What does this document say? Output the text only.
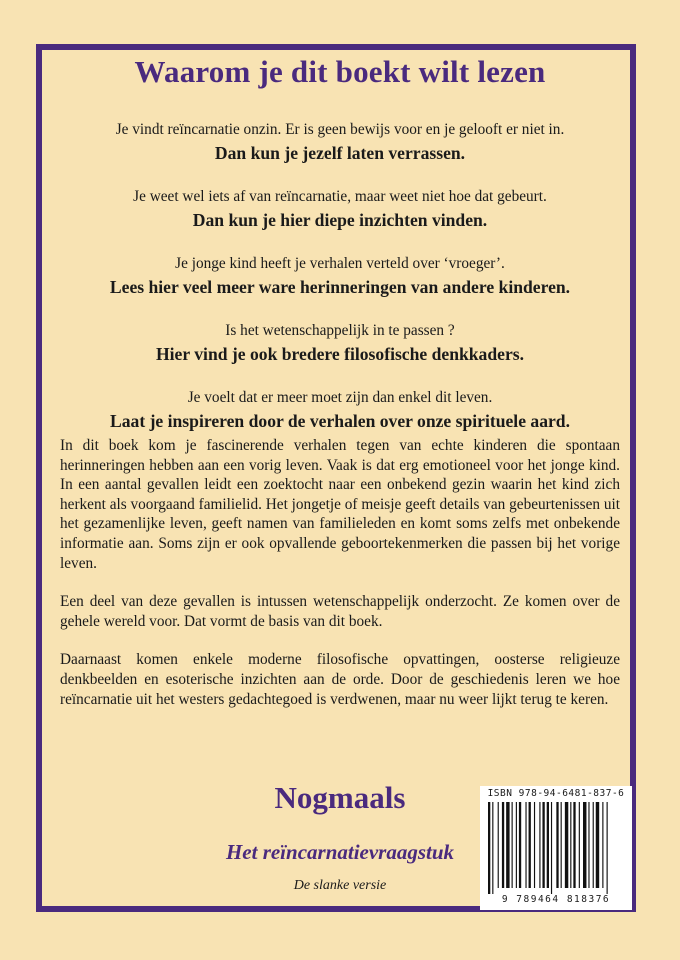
Waarom je dit boekt wilt lezen
Je vindt reïncarnatie onzin. Er is geen bewijs voor en je gelooft er niet in.
Dan kun je jezelf laten verrassen.
Je weet wel iets af van reïncarnatie, maar weet niet hoe dat gebeurt.
Dan kun je hier diepe inzichten vinden.
Je jonge kind heeft je verhalen verteld over ‘vroeger’.
Lees hier veel meer ware herinneringen van andere kinderen.
Is het wetenschappelijk in te passen ?
Hier vind je ook bredere filosofische denkkaders.
Je voelt dat er meer moet zijn dan enkel dit leven.
Laat je inspireren door de verhalen over onze spirituele aard.

In dit boek kom je fascinerende verhalen tegen van echte kinderen die spontaan herinneringen hebben aan een vorig leven. Vaak is dat erg emotioneel voor het jonge kind. In een aantal gevallen leidt een zoektocht naar een onbekend gezin waarin het kind zich herkent als voorgaand familielid. Het jongetje of meisje geeft details van gebeurtenissen uit het gezamenlijke leven, geeft namen van familieleden en komt soms zelfs met onbekende informatie aan. Soms zijn er ook opvallende geboortekenmerken die passen bij het vorige leven.

Een deel van deze gevallen is intussen wetenschappelijk onderzocht. Ze komen over de gehele wereld voor. Dat vormt de basis van dit boek.

Daarnaast komen enkele moderne filosofische opvattingen, oosterse religieuze denkbeelden en esoterische inzichten aan de orde. Door de geschiedenis leren we hoe reïncarnatie uit het westers gedachtegoed is verdwenen, maar nu weer lijkt terug te keren.

Nogmaals
Het reïncarnatievraagstuk
De slanke versie
ISBN 978-94-6481-837-6
9 789464 818376
